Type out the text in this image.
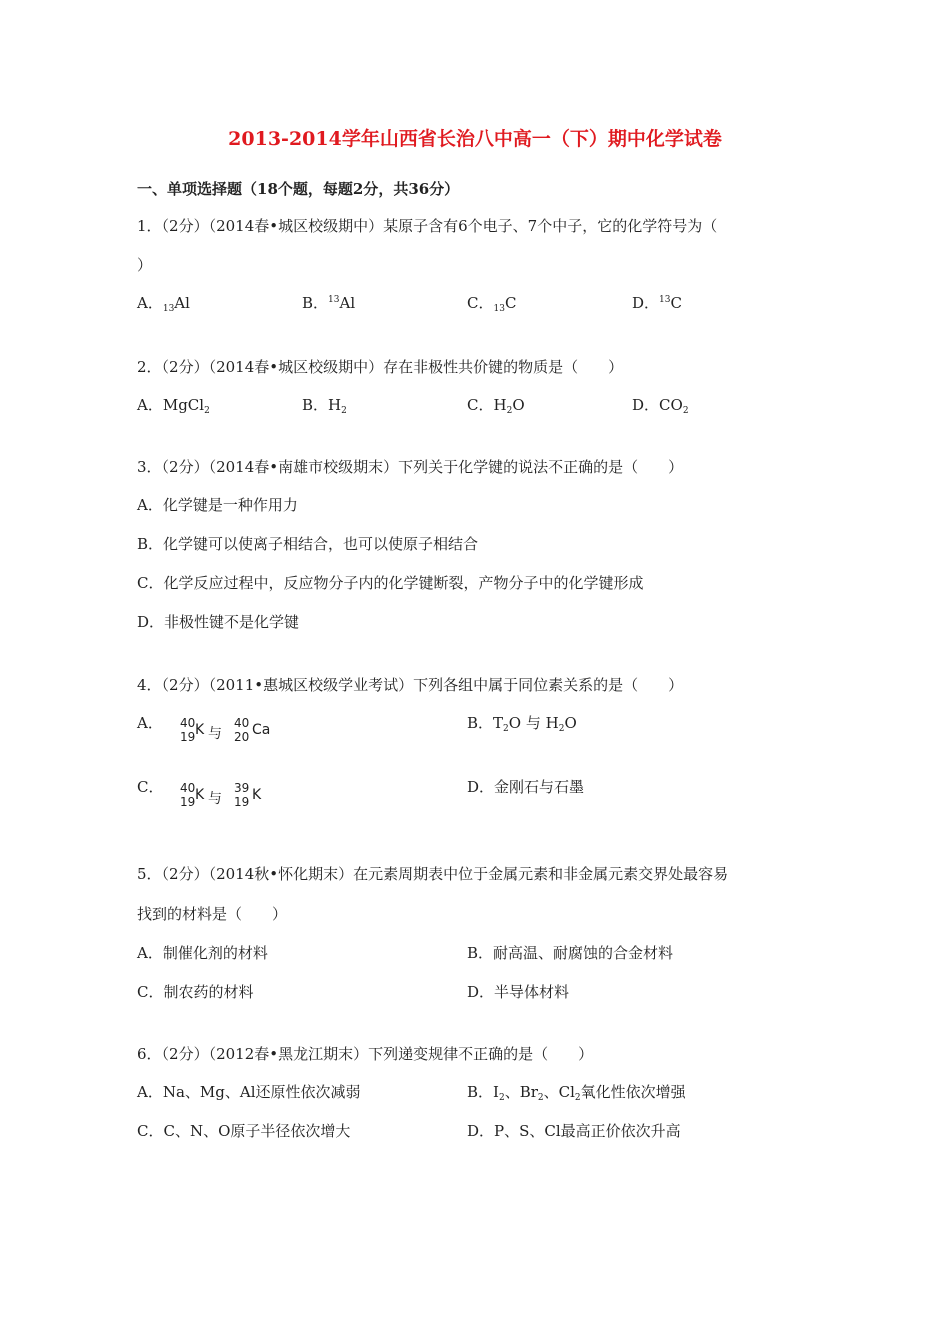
2013-2014学年山西省长治八中高一（下）期中化学试卷
一、单项选择题（18个题，每题2分，共36分）
1．（2分）（2014春•城区校级期中）某原子含有6个电子、7个中子，它的化学符号为（
）
A．$_{13}$Al	B．$^{13}$Al	C．$_{13}$C	D．$^{13}$C
2．（2分）（2014春•城区校级期中）存在非极性共价键的物质是（　　）
A．MgCl$_2$	B．$H_2$	C．$H_2O$	D．$CO_2$
3．（2分）（2014春•南雄市校级期末）下列关于化学键的说法不正确的是（　　）
A．化学键是一种作用力
B．化学键可以使离子相结合，也可以使原子相结合
C．化学反应过程中，反应物分子内的化学键断裂，产物分子中的化学键形成
D．非极性键不是化学键
4．（2分）（2011•惠城区校级学业考试）下列各组中属于同位素关系的是（　　）
A． 40
19 K 与
40
20 Ca	B．$T_2O$ 与 $H_2O$
C． 40
19 K 与
39
19 K	D．金刚石与石墨
5．（2分）（2014秋•怀化期末）在元素周期表中位于金属元素和非金属元素交界处最容易
找到的材料是（　　）
A．制催化剂的材料	B．耐高温、耐腐蚀的合金材料
C．制农药的材料	D．半导体材料
6．（2分）（2012春•黑龙江期末）下列递变规律不正确的是（　　）
A．Na、Mg、Al还原性依次减弱	B．$I_2$、$Br_2$、$Cl_2$氧化性依次增强
C．C、N、O原子半径依次增大	D．P、S、Cl最高正价依次升高
